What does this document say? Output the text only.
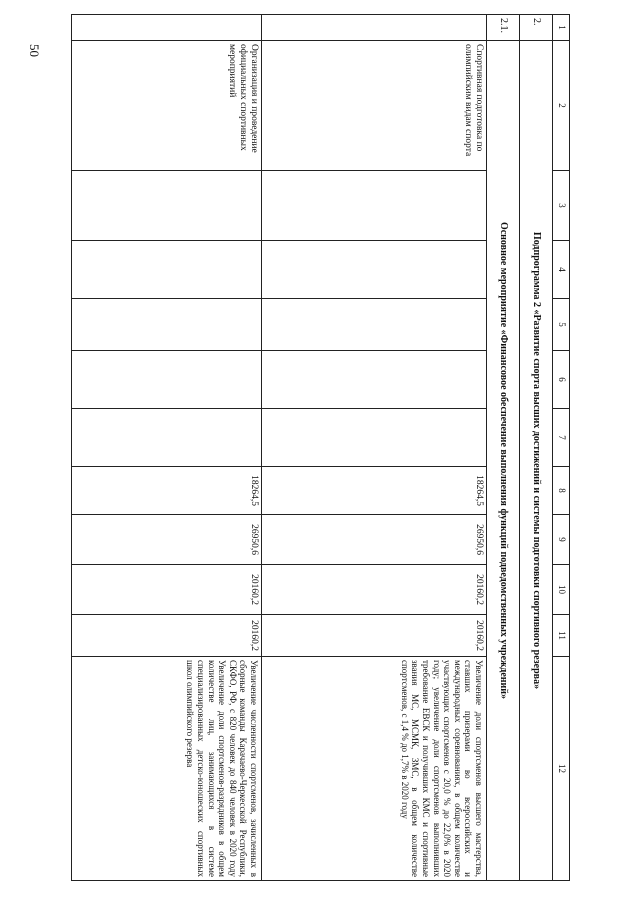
50
1	2	3	4	5	6	7	8	9	10	11	12
2.	Подпрограмма 2 «Развитие спорта высших достижений и системы подготовки спортивного резерва»										
2.1.	Основное мероприятие «Финансовое обеспечение выполнения функций подведомственных учреждений»										
	Спортивная подготовка по олимпийским видам спорта						18264,5	26950,6	20160,2	20160,2	Увеличение доли спортсменов высшего мастерства, ставших призерами во всероссийских и международных соревнованиях, в общем количестве участвующих спортсменов с 20,0 % до 22,0% в 2020 году; увеличение доли спортсменов выполнивших требование ЕВСК и получивших КМС и спортивные звания МС, МСМК, ЗМС, в общем количестве спортсменов, с 1,4 % до 1,7% в 2020 году
	Организация и проведение официальных спортивных мероприятий						18264,5	26950,6	20160,2	20160,2	Увеличение численности спортсменов, зачисленных в сборные команды Карачаево-Черкесской Республики, СКФО, РФ, с 820 человек до 840 человек в 2020 году Увеличение доли спортсменов-разрядников в общем количестве лиц, занимающихся в системе специализированных детско-юношеских спортивных школ олимпийского резерва
